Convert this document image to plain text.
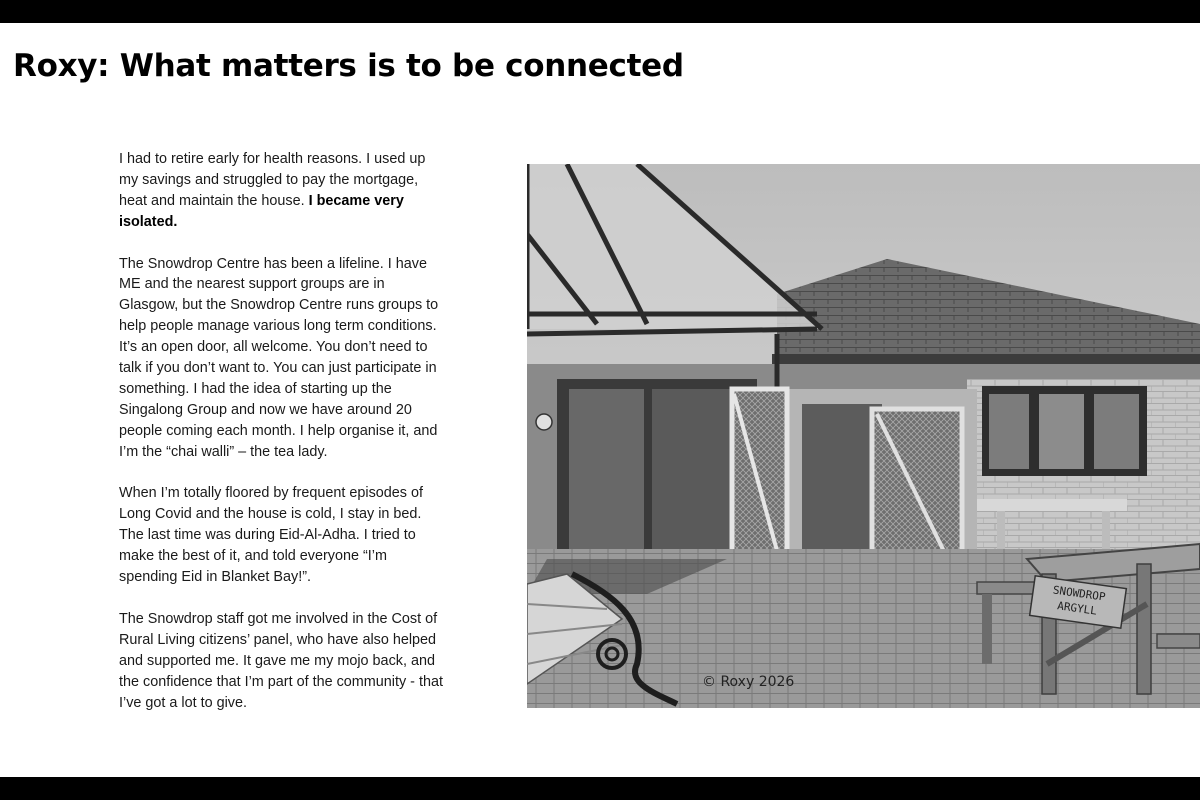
Roxy: What matters is to be connected

I had to retire early for health reasons. I used up my savings and struggled to pay the mortgage, heat and maintain the house. I became very isolated.

The Snowdrop Centre has been a lifeline. I have ME and the nearest support groups are in Glasgow, but the Snowdrop Centre runs groups to help people manage various long term conditions. It’s an open door, all welcome. You don’t need to talk if you don’t want to. You can just participate in something. I had the idea of starting up the Singalong Group and now we have around 20 people coming each month. I help organise it, and I’m the “chai walli” – the tea lady.

When I’m totally floored by frequent episodes of Long Covid and the house is cold, I stay in bed. The last time was during Eid-Al-Adha. I tried to make the best of it, and told everyone “I’m spending Eid in Blanket Bay!”.

The Snowdrop staff got me involved in the Cost of Rural Living citizens’ panel, who have also helped and supported me. It gave me my mojo back, and the confidence that I’m part of the community - that I’ve got a lot to give.

SNOWDROP
ARGYLL
© Roxy 2026
